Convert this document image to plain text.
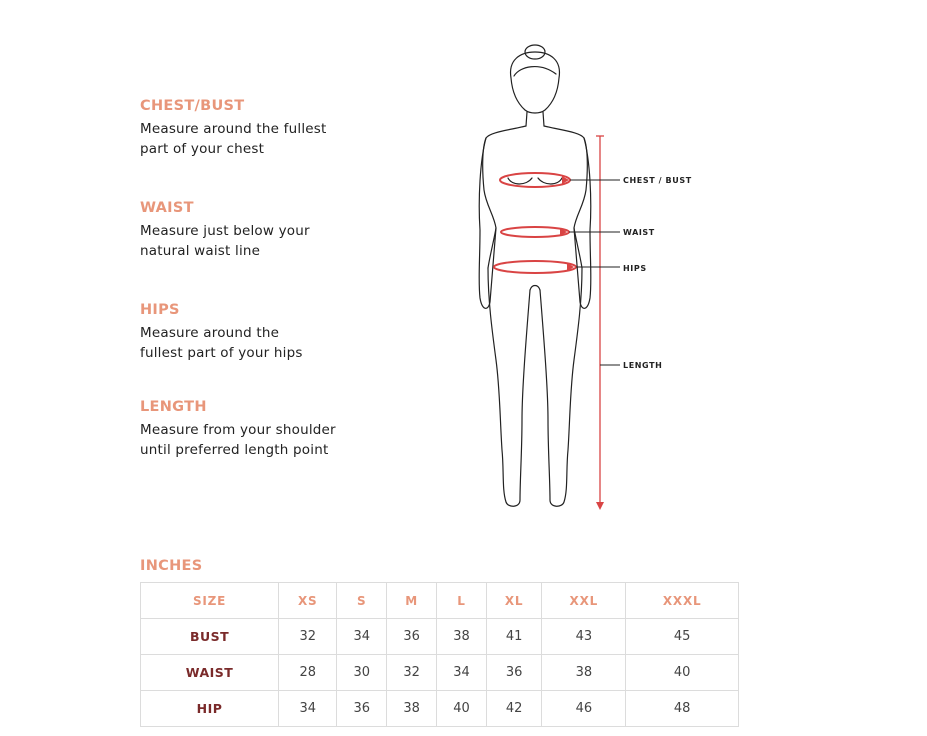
CHEST/BUST

Measure around the fullest
part of your chest

WAIST

Measure just below your
natural waist line

HIPS

Measure around the
fullest part of your hips

LENGTH

Measure from your shoulder
until preferred length point

CHEST / BUST
WAIST
HIPS
LENGTH
INCHES
SIZE	XS	S	M	L	XL	XXL	XXXL
BUST	32	34	36	38	41	43	45
WAIST	28	30	32	34	36	38	40
HIP	34	36	38	40	42	46	48
